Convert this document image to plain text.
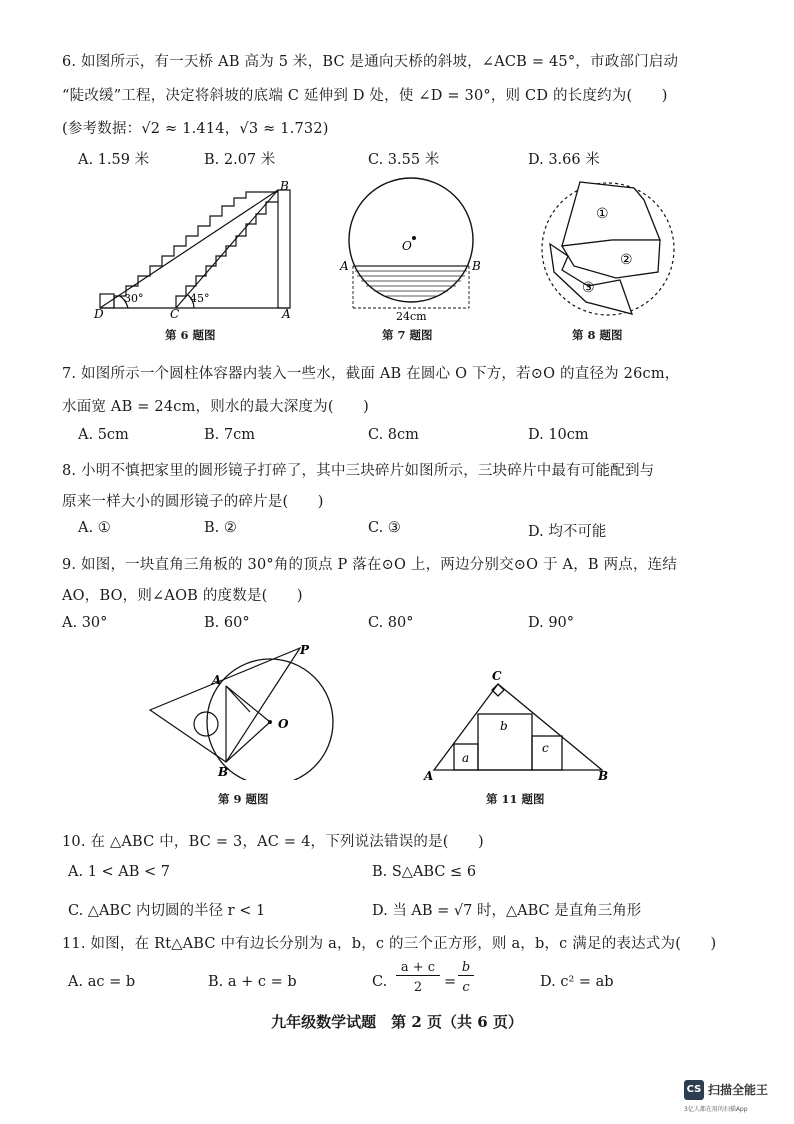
6. 如图所示，有一天桥 AB 高为 5 米，BC 是通向天桥的斜坡，∠ACB = 45°，市政部门启动
“陡改缓”工程，决定将斜坡的底端 C 延伸到 D 处，使 ∠D = 30°，则 CD 的长度约为(　　)
(参考数据：√2 ≈ 1.414，√3 ≈ 1.732)
A. 1.59 米	B. 2.07 米	C. 3.55 米	D. 3.66 米
B
D	C	A
30°	45°
第 6 题图
O
A	B
24cm
第 7 题图
①
②
③
第 8 题图
7. 如图所示一个圆柱体容器内装入一些水，截面 AB 在圆心 O 下方，若⊙O 的直径为 26cm，
水面宽 AB = 24cm，则水的最大深度为(　　)
A. 5cm	B. 7cm	C. 8cm	D. 10cm
8. 小明不慎把家里的圆形镜子打碎了，其中三块碎片如图所示，三块碎片中最有可能配到与
原来一样大小的圆形镜子的碎片是(　　)
A. ①	B. ②	C. ③	D. 均不可能
9. 如图，一块直角三角板的 30°角的顶点 P 落在⊙O 上，两边分别交⊙O 于 A，B 两点，连结
AO，BO，则∠AOB 的度数是(　　)
A. 30°	B. 60°	C. 80°	D. 90°
P
A
O
B
第 9 题图
C
A	B
a
b
c
第 11 题图
10. 在 △ABC 中，BC = 3，AC = 4，下列说法错误的是(　　)
A. 1 < AB < 7	B. S△ABC ≤ 6
C. △ABC 内切圆的半径 r < 1	D. 当 AB = √7 时，△ABC 是直角三角形
11. 如图，在 Rt△ABC 中有边长分别为 a，b，c 的三个正方形，则 a，b，c 满足的表达式为(　　)
A. ac = b	B. a + c = b	C.
a + c
2	=
b
c	D. c² = ab
九年级数学试题　第 2 页（共 6 页）
CS 扫描全能王
3亿人都在用的扫描App
